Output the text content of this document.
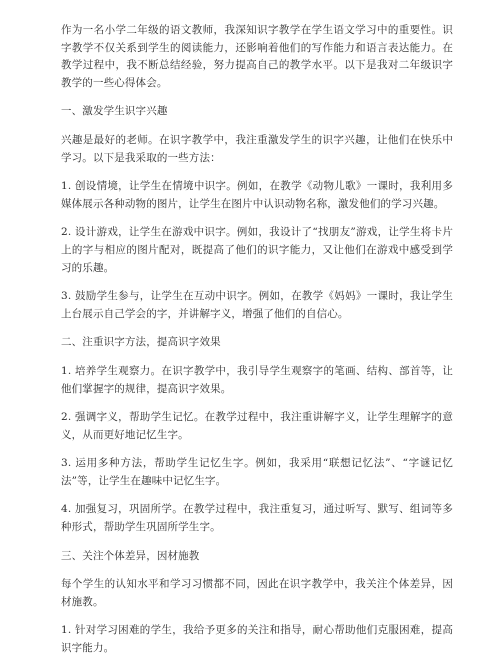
作为一名小学二年级的语文教师，我深知识字教学在学生语文学习中的重要性。识字教学不仅关系到学生的阅读能力，还影响着他们的写作能力和语言表达能力。在教学过程中，我不断总结经验，努力提高自己的教学水平。以下是我对二年级识字教学的一些心得体会。

一、激发学生识字兴趣

兴趣是最好的老师。在识字教学中，我注重激发学生的识字兴趣，让他们在快乐中学习。以下是我采取的一些方法：

1. 创设情境，让学生在情境中识字。例如，在教学《动物儿歌》一课时，我利用多媒体展示各种动物的图片，让学生在图片中认识动物名称，激发他们的学习兴趣。

2. 设计游戏，让学生在游戏中识字。例如，我设计了“找朋友”游戏，让学生将卡片上的字与相应的图片配对，既提高了他们的识字能力，又让他们在游戏中感受到学习的乐趣。

3. 鼓励学生参与，让学生在互动中识字。例如，在教学《妈妈》一课时，我让学生上台展示自己学会的字，并讲解字义，增强了他们的自信心。

二、注重识字方法，提高识字效果

1. 培养学生观察力。在识字教学中，我引导学生观察字的笔画、结构、部首等，让他们掌握字的规律，提高识字效果。

2. 强调字义，帮助学生记忆。在教学过程中，我注重讲解字义，让学生理解字的意义，从而更好地记忆生字。

3. 运用多种方法，帮助学生记忆生字。例如，我采用“联想记忆法”、“字谜记忆法”等，让学生在趣味中记忆生字。

4. 加强复习，巩固所学。在教学过程中，我注重复习，通过听写、默写、组词等多种形式，帮助学生巩固所学生字。

三、关注个体差异，因材施教

每个学生的认知水平和学习习惯都不同，因此在识字教学中，我关注个体差异，因材施教。

1. 针对学习困难的学生，我给予更多的关注和指导，耐心帮助他们克服困难，提高识字能力。
